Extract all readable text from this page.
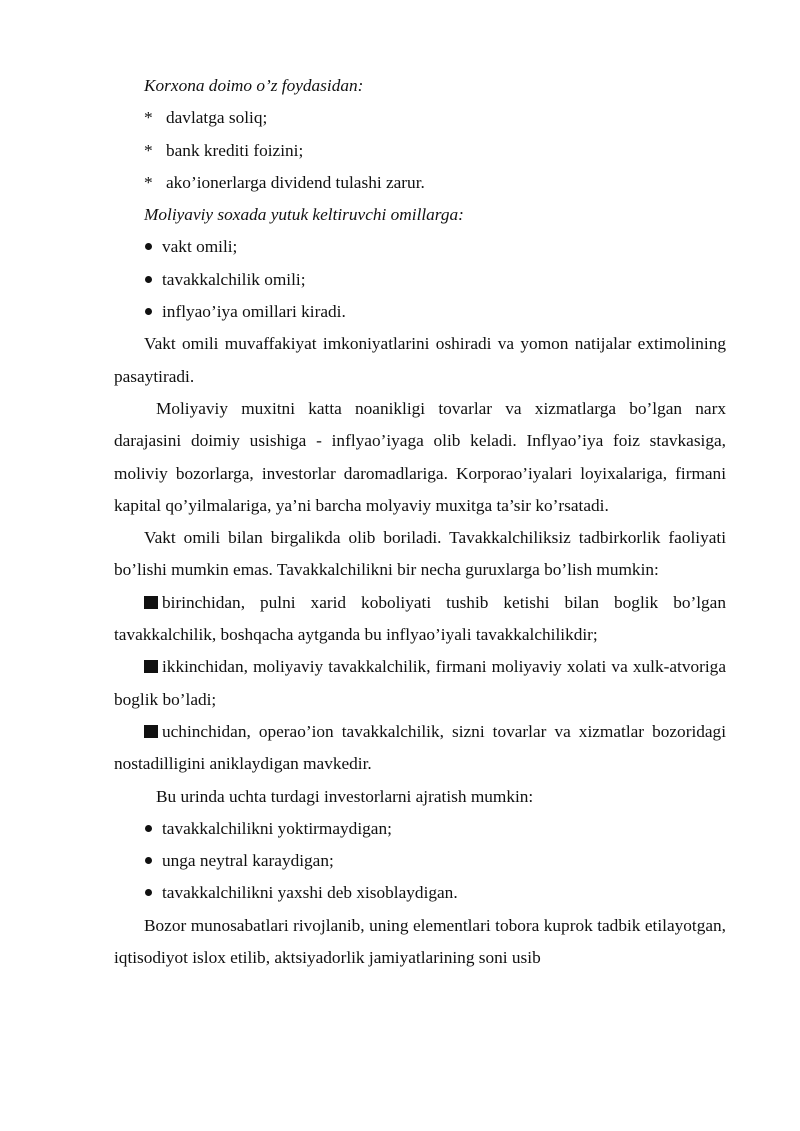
Korxona doimo o’z foydasidan:

* davlatga soliq;

* bank krediti foizini;

* ako’ionerlarga dividend tulashi zarur.

Moliyaviy soxada yutuk keltiruvchi omillarga:

vakt omili;

tavakkalchilik omili;

inflyao’iya omillari kiradi.

Vakt omili muvaffakiyat imkoniyatlarini oshiradi va yomon natijalar extimolining pasaytiradi.

Moliyaviy muxitni katta noanikligi tovarlar va xizmatlarga bo’lgan narx darajasini doimiy usishiga - inflyao’iyaga olib keladi. Inflyao’iya foiz stavkasiga, moliviy bozorlarga, investorlar daromadlariga. Korporao’iyalari loyixalariga, firmani kapital qo’yilmalariga, ya’ni barcha molyaviy muxitga ta’sir ko’rsatadi.

Vakt omili bilan birgalikda olib boriladi. Tavakkalchiliksiz tadbirkorlik faoliyati bo’lishi mumkin emas. Tavakkalchilikni bir necha guruxlarga bo’lish mumkin:

birinchidan, pulni xarid koboliyati tushib ketishi bilan boglik bo’lgan tavakkalchilik, boshqacha aytganda bu inflyao’iyali tavakkalchilikdir;

ikkinchidan, moliyaviy tavakkalchilik, firmani moliyaviy xolati va xulk-atvoriga boglik bo’ladi;

uchinchidan, operao’ion tavakkalchilik, sizni tovarlar va xizmatlar bozoridagi nostadilligini aniklaydigan mavkedir.

Bu urinda uchta turdagi investorlarni ajratish mumkin:

tavakkalchilikni yoktirmaydigan;

unga neytral karaydigan;

tavakkalchilikni yaxshi deb xisoblaydigan.

Bozor munosabatlari rivojlanib, uning elementlari tobora kuprok tadbik etilayotgan, iqtisodiyot islox etilib, aktsiyadorlik jamiyatlarining soni usib
